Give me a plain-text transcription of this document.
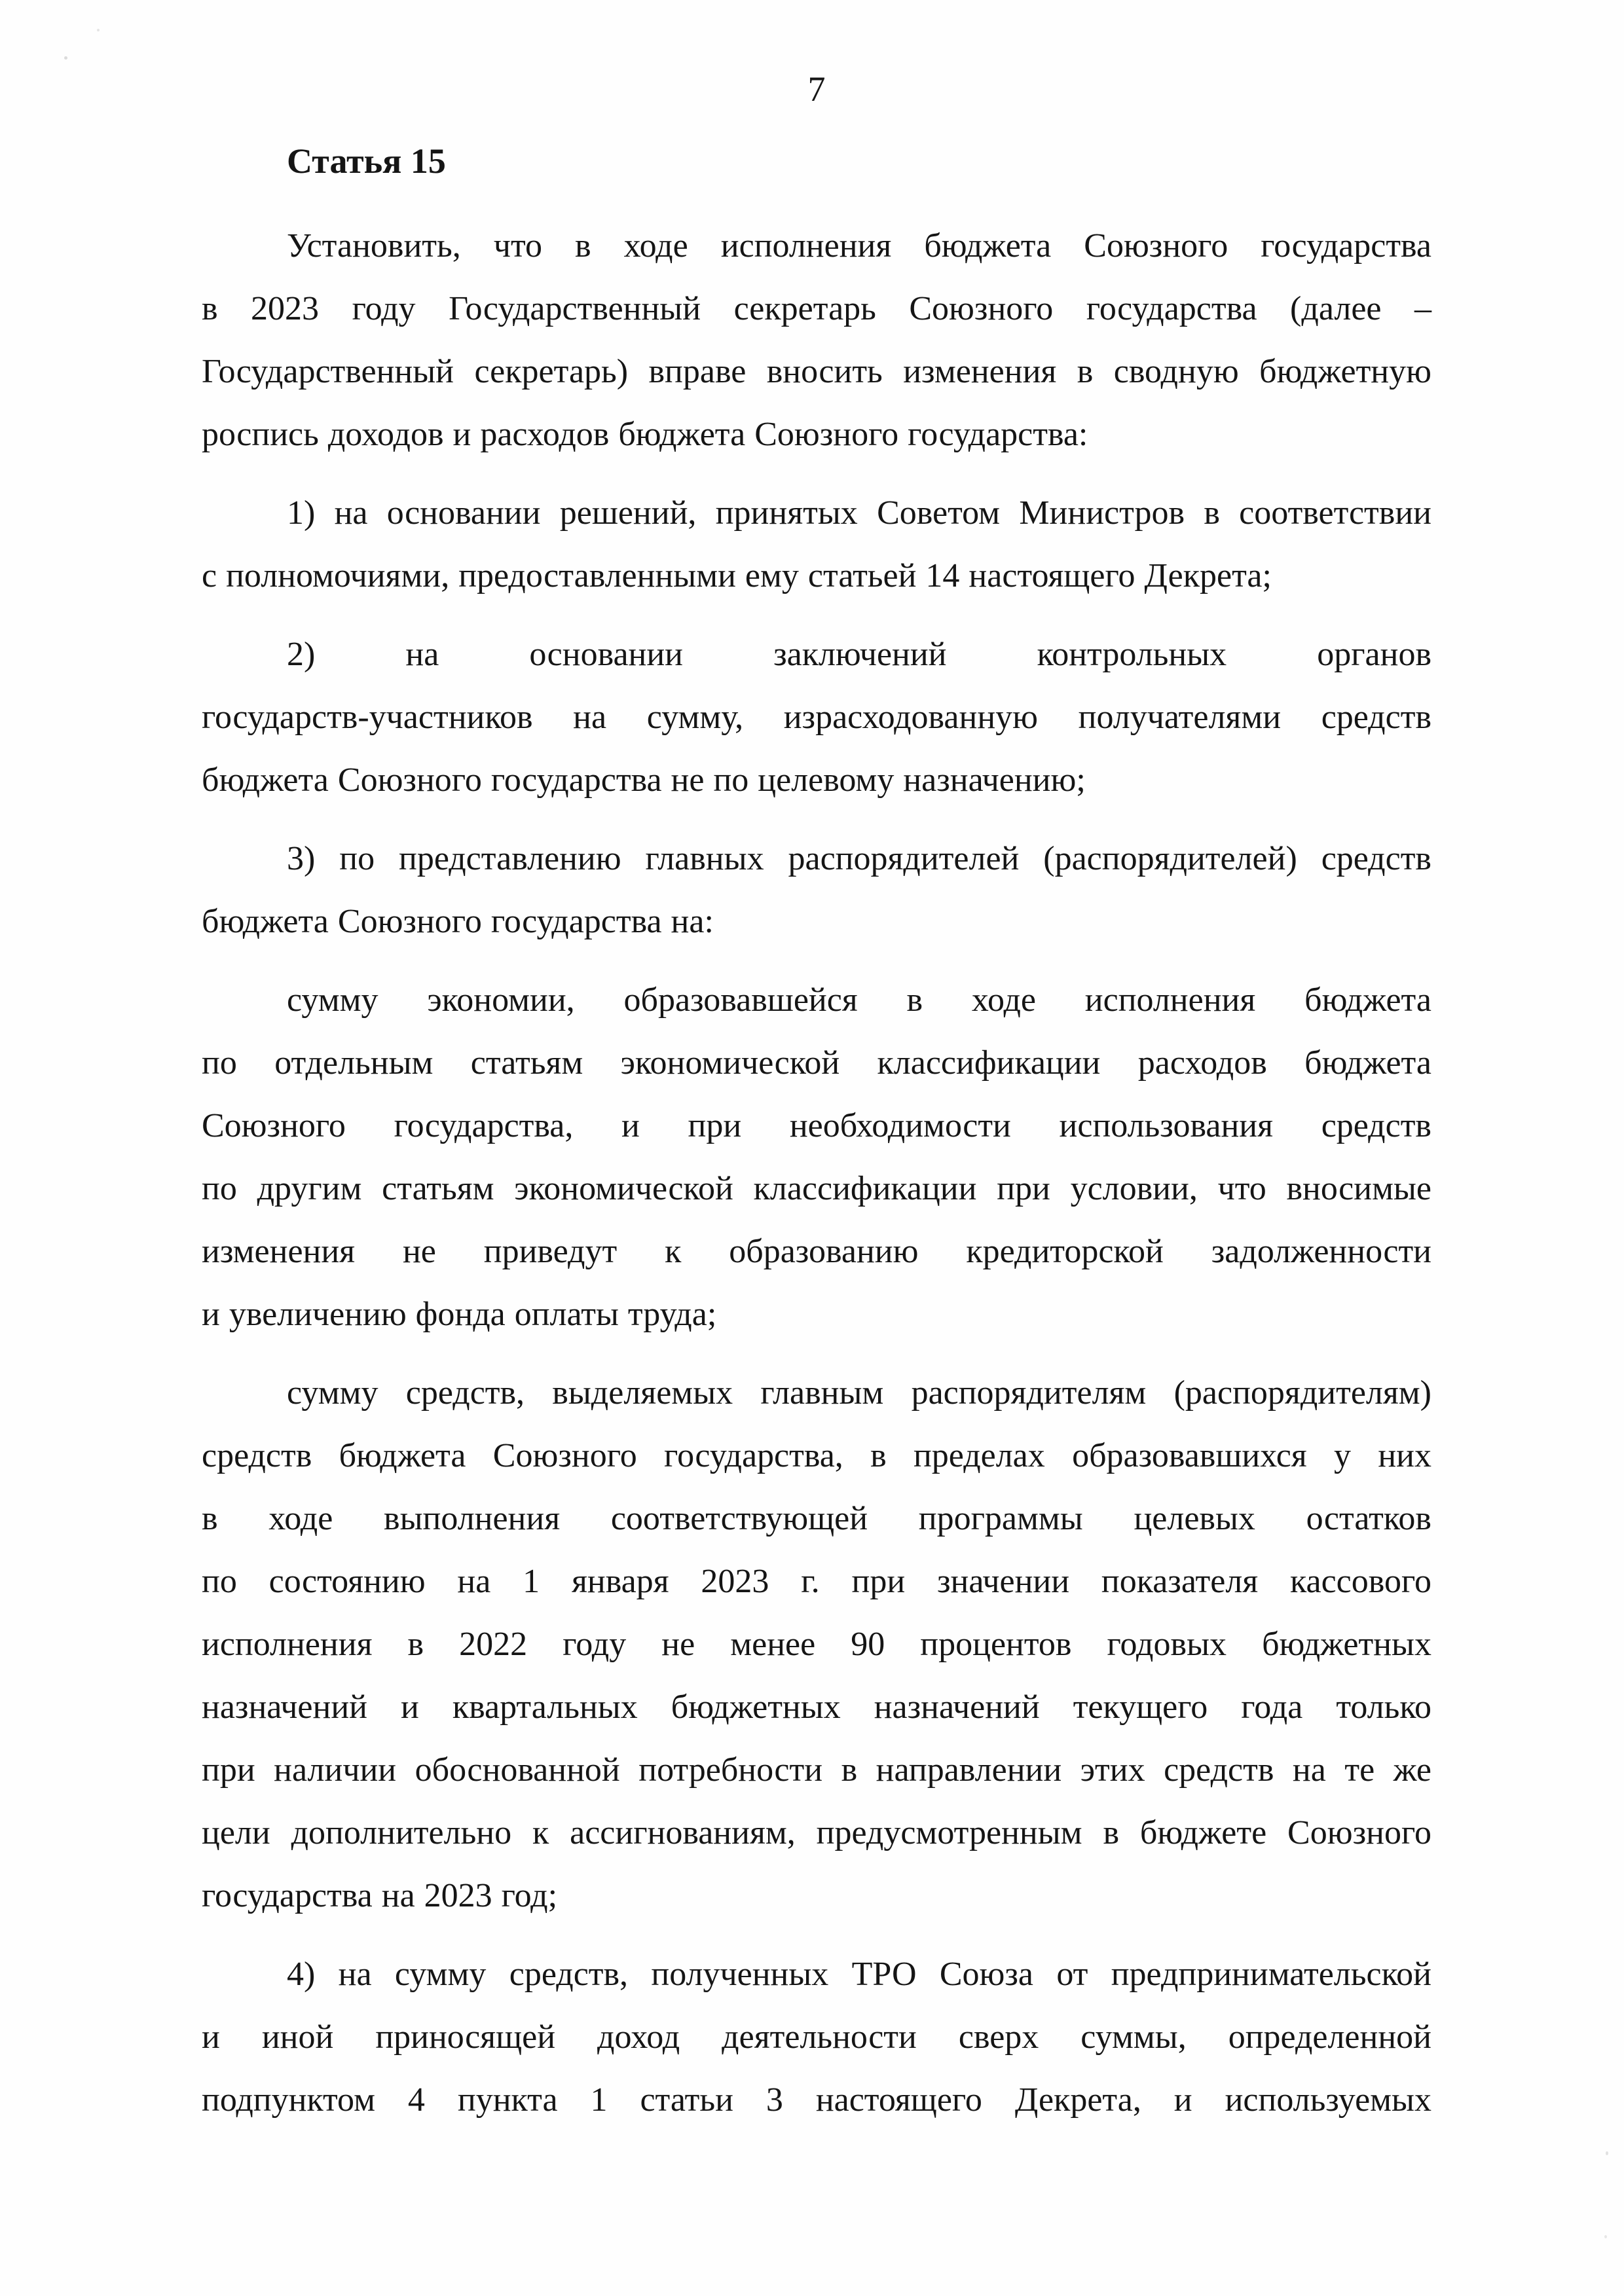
7
Статья 15

Установить, что в ходе исполнения бюджета Союзного государства
в 2023 году Государственный секретарь Союзного государства (далее –
Государственный секретарь) вправе вносить изменения в сводную бюджетную
роспись доходов и расходов бюджета Союзного государства:

1) на основании решений, принятых Советом Министров в соответствии
с полномочиями, предоставленными ему статьей 14 настоящего Декрета;

2) на основании заключений контрольных органов
государств-участников на сумму, израсходованную получателями средств
бюджета Союзного государства не по целевому назначению;

3) по представлению главных распорядителей (распорядителей) средств
бюджета Союзного государства на:

сумму экономии, образовавшейся в ходе исполнения бюджета
по отдельным статьям экономической классификации расходов бюджета
Союзного государства, и при необходимости использования средств
по другим статьям экономической классификации при условии, что вносимые
изменения не приведут к образованию кредиторской задолженности
и увеличению фонда оплаты труда;

сумму средств, выделяемых главным распорядителям (распорядителям)
средств бюджета Союзного государства, в пределах образовавшихся у них
в ходе выполнения соответствующей программы целевых остатков
по состоянию на 1 января 2023 г. при значении показателя кассового
исполнения в 2022 году не менее 90 процентов годовых бюджетных
назначений и квартальных бюджетных назначений текущего года только
при наличии обоснованной потребности в направлении этих средств на те же
цели дополнительно к ассигнованиям, предусмотренным в бюджете Союзного
государства на 2023 год;

4) на сумму средств, полученных ТРО Союза от предпринимательской
и иной приносящей доход деятельности сверх суммы, определенной
подпунктом 4 пункта 1 статьи 3 настоящего Декрета, и используемых
